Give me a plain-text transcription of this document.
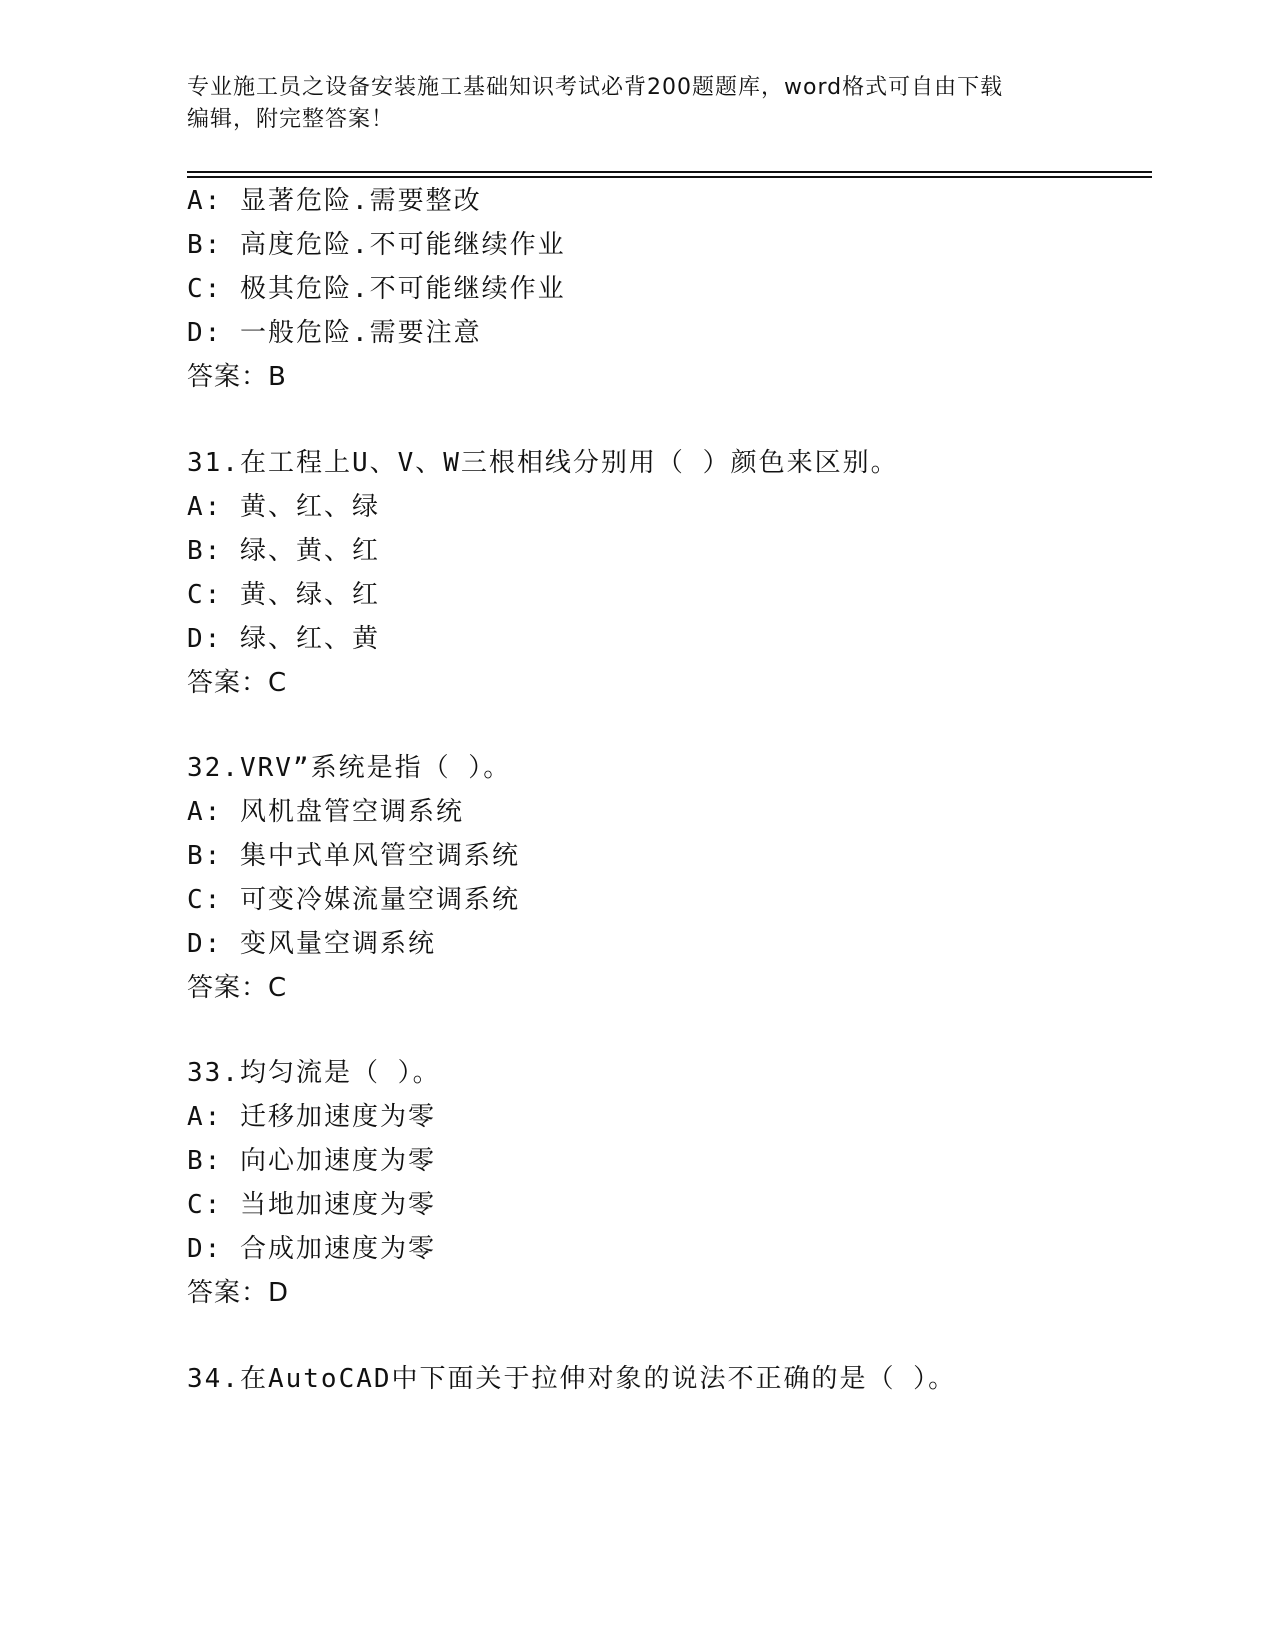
专业施工员之设备安装施工基础知识考试必背200题题库，word格式可自由下载
编辑，附完整答案！
A: 显著危险.需要整改
B: 高度危险.不可能继续作业
C: 极其危险.不可能继续作业
D: 一般危险.需要注意
答案：B
31.在工程上U、V、W三根相线分别用（ ）颜色来区别。
A: 黄、红、绿
B: 绿、黄、红
C: 黄、绿、红
D: 绿、红、黄
答案：C
32.VRV”系统是指（ ）。
A: 风机盘管空调系统
B: 集中式单风管空调系统
C: 可变冷媒流量空调系统
D: 变风量空调系统
答案：C
33.均匀流是（ ）。
A: 迁移加速度为零
B: 向心加速度为零
C: 当地加速度为零
D: 合成加速度为零
答案：D
34.在AutoCAD中下面关于拉伸对象的说法不正确的是（ ）。
